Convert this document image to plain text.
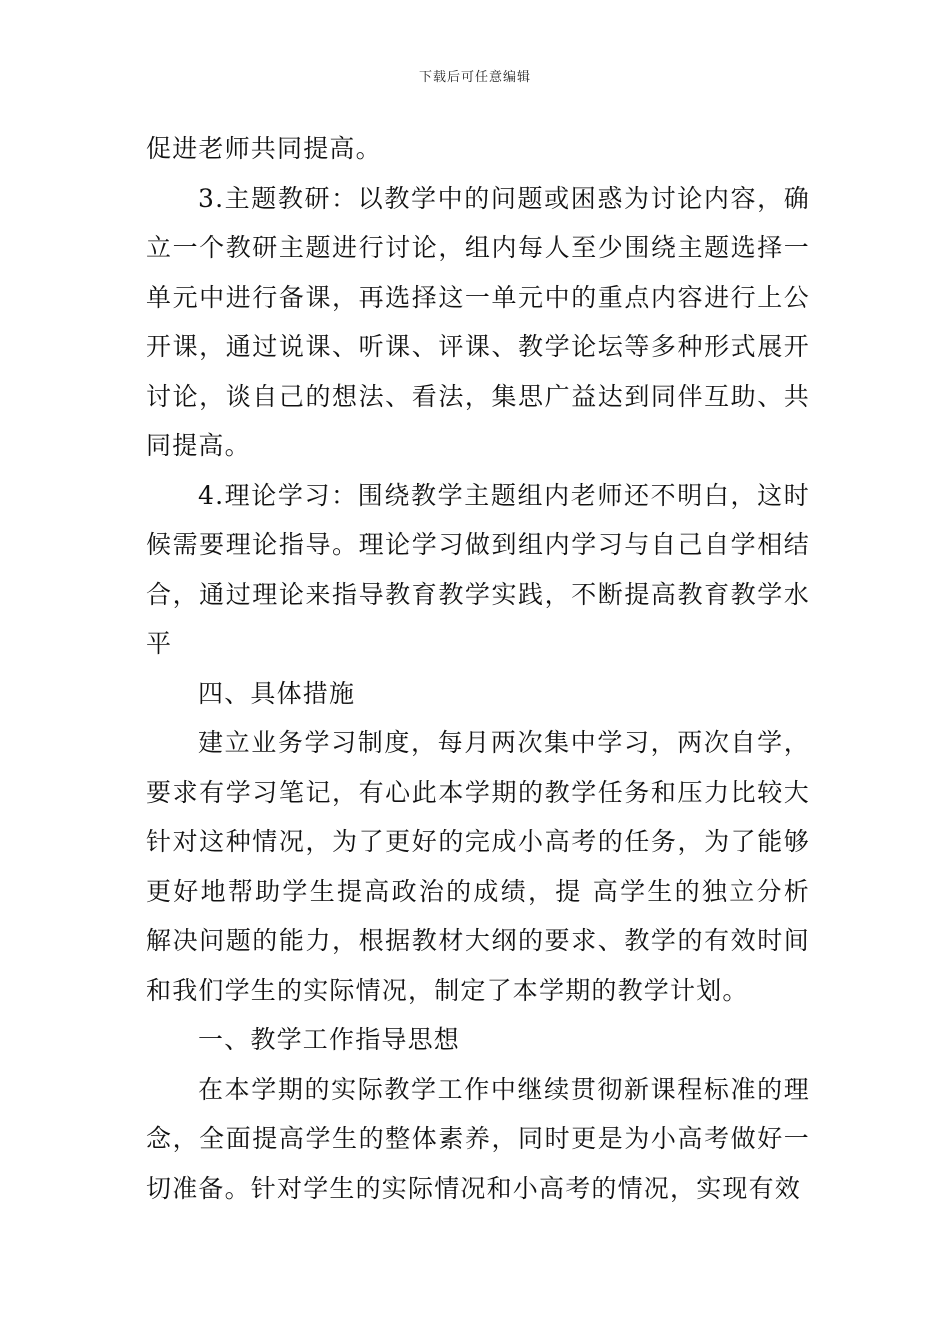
下载后可任意编辑

促进老师共同提高。

3.主题教研：以教学中的问题或困惑为讨论内容，确立一个教研主题进行讨论，组内每人至少围绕主题选择一单元中进行备课，再选择这一单元中的重点内容进行上公开课，通过说课、听课、评课、教学论坛等多种形式展开讨论，谈自己的想法、看法，集思广益达到同伴互助、共同提高。

4.理论学习：围绕教学主题组内老师还不明白，这时候需要理论指导。理论学习做到组内学习与自己自学相结合，通过理论来指导教育教学实践，不断提高教育教学水平

四、具体措施

建立业务学习制度，每月两次集中学习，两次自学，要求有学习笔记，有心此本学期的教学任务和压力比较大针对这种情况，为了更好的完成小高考的任务，为了能够更好地帮助学生提高政治的成绩，提 高学生的独立分析解决问题的能力，根据教材大纲的要求、教学的有效时间和我们学生的实际情况，制定了本学期的教学计划。

一、教学工作指导思想

在本学期的实际教学工作中继续贯彻新课程标准的理念，全面提高学生的整体素养，同时更是为小高考做好一切准备。针对学生的实际情况和小高考的情况，实现有效
